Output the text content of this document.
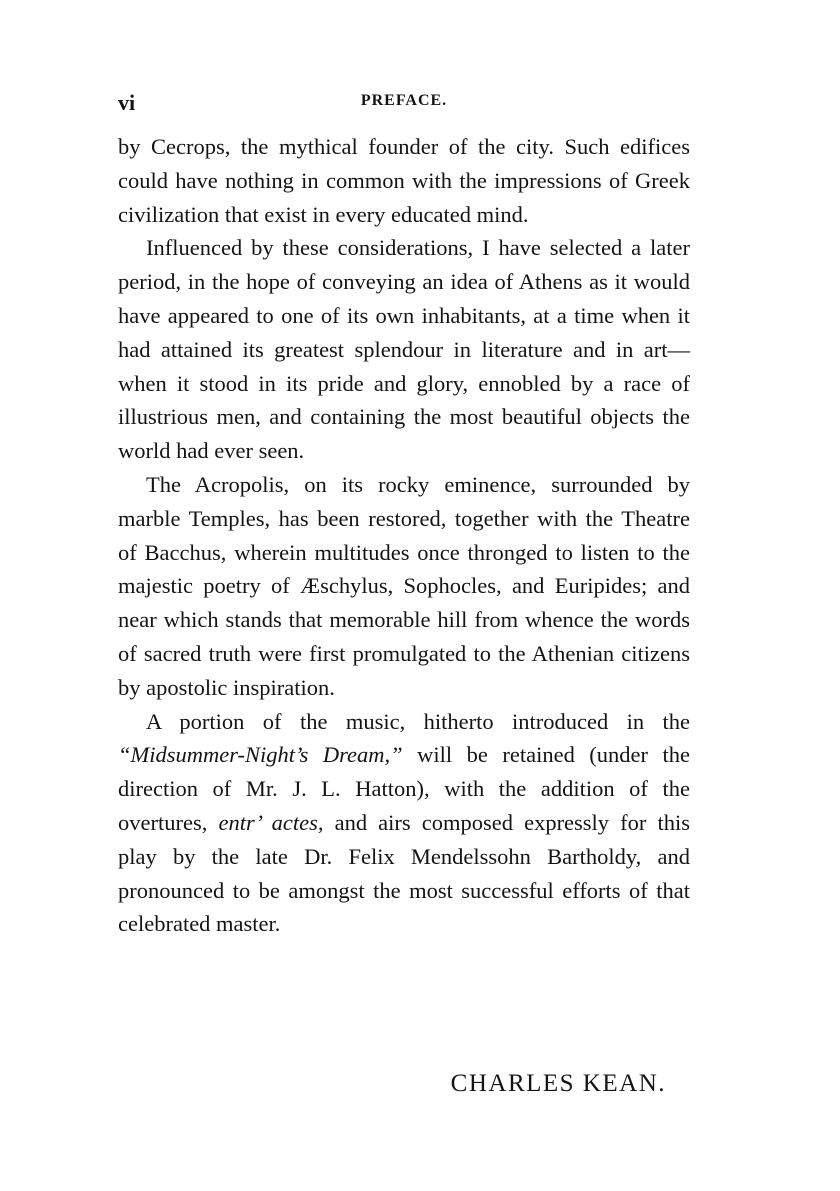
vi	PREFACE.

by Cecrops, the mythical founder of the city. Such edifices could have nothing in common with the impressions of Greek civilization that exist in every educated mind.

Influenced by these considerations, I have selected a later period, in the hope of conveying an idea of Athens as it would have appeared to one of its own inhabitants, at a time when it had attained its greatest splendour in literature and in art—when it stood in its pride and glory, ennobled by a race of illustrious men, and containing the most beautiful objects the world had ever seen.

The Acropolis, on its rocky eminence, surrounded by marble Temples, has been restored, together with the Theatre of Bacchus, wherein multitudes once thronged to listen to the majestic poetry of Æschylus, Sophocles, and Euripides; and near which stands that memorable hill from whence the words of sacred truth were first promulgated to the Athenian citizens by apostolic inspiration.

A portion of the music, hitherto introduced in the “Midsummer-Night’s Dream,” will be retained (under the direction of Mr. J. L. Hatton), with the addition of the overtures, entr’ actes, and airs composed expressly for this play by the late Dr. Felix Mendelssohn Bartholdy, and pronounced to be amongst the most successful efforts of that celebrated master.

CHARLES KEAN.
